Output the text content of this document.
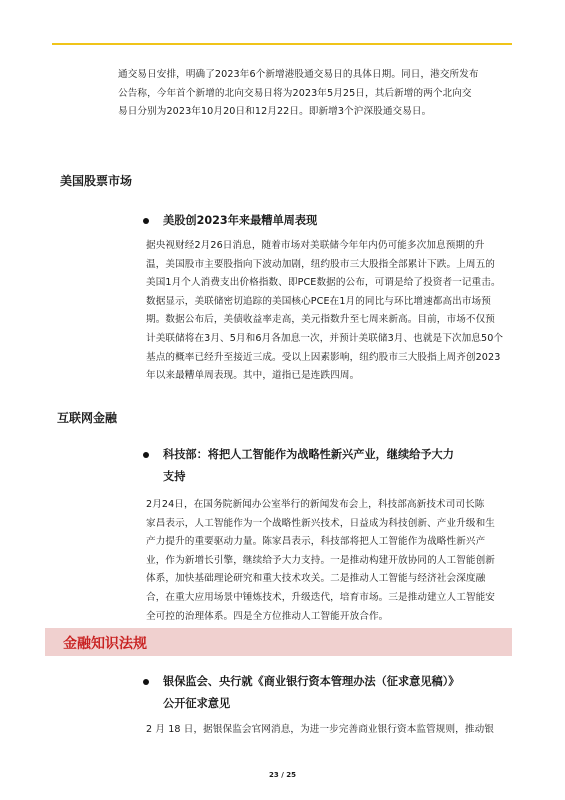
通交易日安排，明确了2023年6个新增港股通交易日的具体日期。同日，港交所发布
公告称，今年首个新增的北向交易日将为2023年5月25日，其后新增的两个北向交
易日分别为2023年10月20日和12月22日。即新增3个沪深股通交易日。
美国股票市场
美股创2023年来最糟单周表现
据央视财经2月26日消息，随着市场对美联储今年年内仍可能多次加息预期的升
温，美国股市主要股指向下波动加剧，纽约股市三大股指全部累计下跌。上周五的
美国1月个人消费支出价格指数、即PCE数据的公布，可谓是给了投资者一记重击。
数据显示，美联储密切追踪的美国核心PCE在1月的同比与环比增速都高出市场预
期。数据公布后，美债收益率走高，美元指数升至七周来新高。目前，市场不仅预
计美联储将在3月、5月和6月各加息一次，并预计美联储3月、也就是下次加息50个
基点的概率已经升至接近三成。受以上因素影响，纽约股市三大股指上周齐创2023
年以来最糟单周表现。其中，道指已是连跌四周。
互联网金融
科技部：将把人工智能作为战略性新兴产业，继续给予大力
支持
2月24日，在国务院新闻办公室举行的新闻发布会上，科技部高新技术司司长陈
家昌表示，人工智能作为一个战略性新兴技术，日益成为科技创新、产业升级和生
产力提升的重要驱动力量。陈家昌表示，科技部将把人工智能作为战略性新兴产
业，作为新增长引擎，继续给予大力支持。一是推动构建开放协同的人工智能创新
体系，加快基础理论研究和重大技术攻关。二是推动人工智能与经济社会深度融
合，在重大应用场景中锤炼技术，升级迭代，培育市场。三是推动建立人工智能安
全可控的治理体系。四是全方位推动人工智能开放合作。
金融知识法规
银保监会、央行就《商业银行资本管理办法（征求意见稿）》
公开征求意见
2 月 18 日，据银保监会官网消息，为进一步完善商业银行资本监管规则，推动银
23 / 25
